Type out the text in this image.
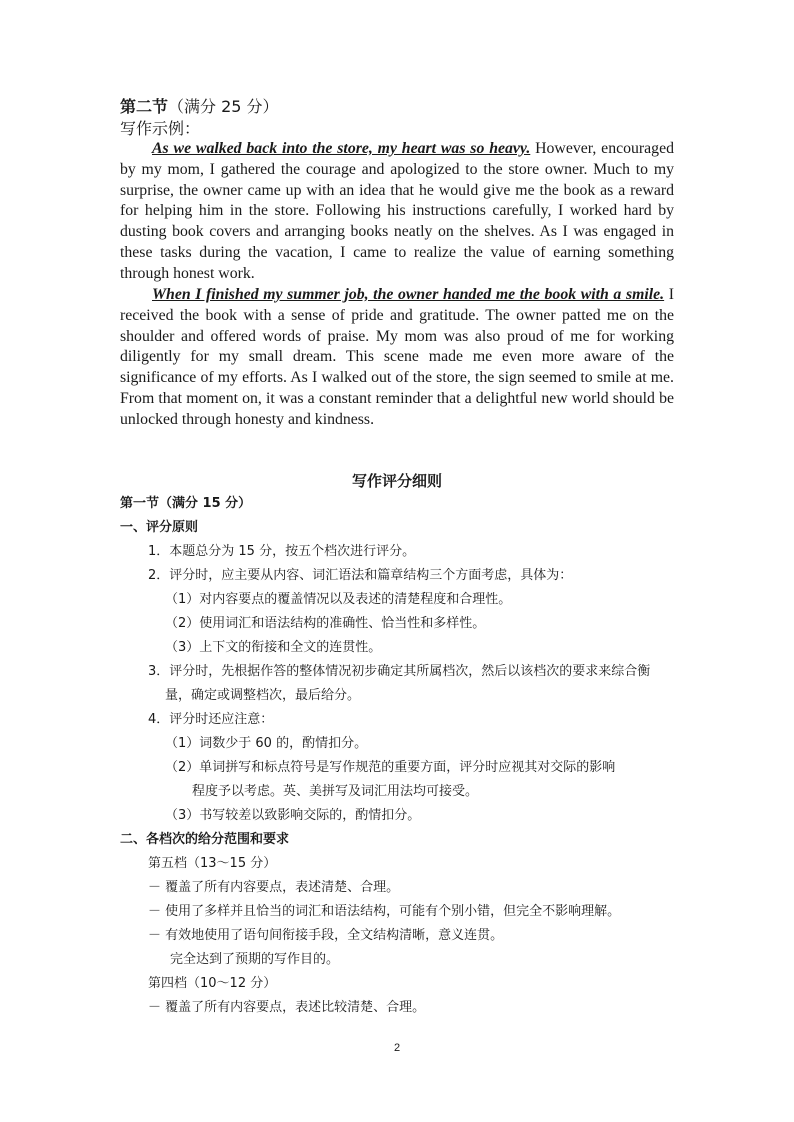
第二节（满分 25 分）
写作示例：

As we walked back into the store, my heart was so heavy. However, encouraged by my mom, I gathered the courage and apologized to the store owner. Much to my surprise, the owner came up with an idea that he would give me the book as a reward for helping him in the store. Following his instructions carefully, I worked hard by dusting book covers and arranging books neatly on the shelves. As I was engaged in these tasks during the vacation, I came to realize the value of earning something through honest work.

When I finished my summer job, the owner handed me the book with a smile. I received the book with a sense of pride and gratitude. The owner patted me on the shoulder and offered words of praise. My mom was also proud of me for working diligently for my small dream. This scene made me even more aware of the significance of my efforts. As I walked out of the store, the sign seemed to smile at me. From that moment on, it was a constant reminder that a delightful new world should be unlocked through honesty and kindness.

写作评分细则
第一节（满分 15 分）
一、评分原则
1．本题总分为 15 分，按五个档次进行评分。
2．评分时，应主要从内容、词汇语法和篇章结构三个方面考虑，具体为：
（1）对内容要点的覆盖情况以及表述的清楚程度和合理性。
（2）使用词汇和语法结构的准确性、恰当性和多样性。
（3）上下文的衔接和全文的连贯性。
3．评分时，先根据作答的整体情况初步确定其所属档次，然后以该档次的要求来综合衡
量，确定或调整档次，最后给分。
4．评分时还应注意：
（1）词数少于 60 的，酌情扣分。
（2）单词拼写和标点符号是写作规范的重要方面，评分时应视其对交际的影响
程度予以考虑。英、美拼写及词汇用法均可接受。
（3）书写较差以致影响交际的，酌情扣分。
二、各档次的给分范围和要求
第五档（13～15 分）
－ 覆盖了所有内容要点，表述清楚、合理。
－ 使用了多样并且恰当的词汇和语法结构，可能有个别小错，但完全不影响理解。
－ 有效地使用了语句间衔接手段，全文结构清晰，意义连贯。
完全达到了预期的写作目的。
第四档（10～12 分）
－ 覆盖了所有内容要点，表述比较清楚、合理。
2
